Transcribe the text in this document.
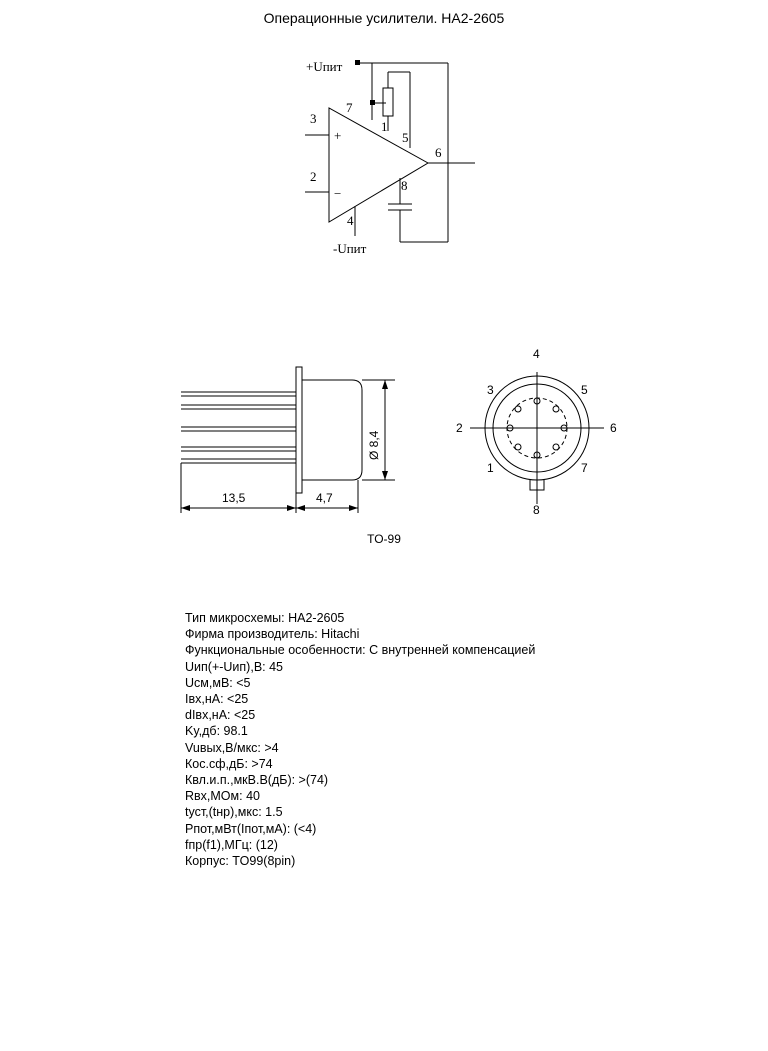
Операционные усилители. HA2-2605
+Uпит
-Uпит
+
−
3
2
7
1
5
6
8
4
13,5	4,7
Ø 8,4
4
5
6
7
8
1
2
3
TO-99
Тип микросхемы: HA2-2605
Фирма производитель: Hitachi
Функциональные особенности: С внутренней компенсацией
Uип(+-Uип),В: 45
Uсм,мВ: <5
Iвх,нА: <25
dIвх,нА: <25
Ky,дб: 98.1
Vuвых,В/мкс: >4
Кос.сф,дБ: >74
Квл.и.п.,мкВ.В(дБ): >(74)
Rвх,МОм: 40
tуст,(tнр),мкс: 1.5
Pпот,мВт(Iпот,мА): (<4)
fпр(f1),МГц: (12)
Корпус: TO99(8pin)
